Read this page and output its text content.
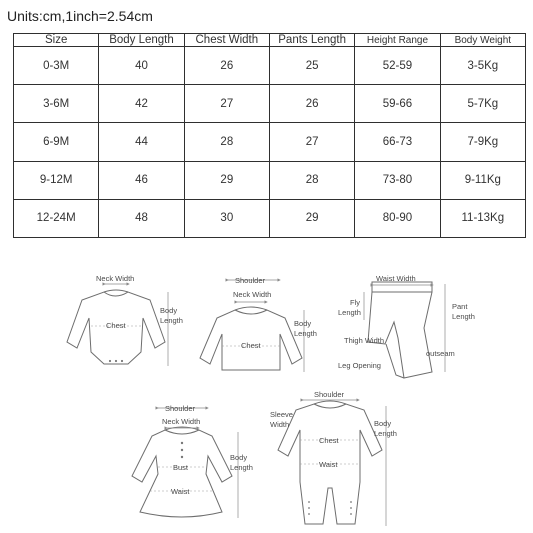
Units:cm,1inch=2.54cm
Size	Body Length	Chest Width	Pants Length	Height Range	Body Weight
0-3M	40	26	25	52-59	3-5Kg
3-6M	42	27	26	59-66	5-7Kg
6-9M	44	28	27	66-73	7-9Kg
9-12M	46	29	28	73-80	9-11Kg
12-24M	48	30	29	80-90	11-13Kg
Neck Width
Chest
Body
Length
Shoulder
Neck Width
Chest
Body
Length
Waist Width
Fly
Length
Pant
Length
Thigh Width
outseam
Leg Opening
Shoulder
Neck Width
Bust
Waist
Body
Length
Shoulder
Sleeve
Width
Chest
Waist
Body
Length
